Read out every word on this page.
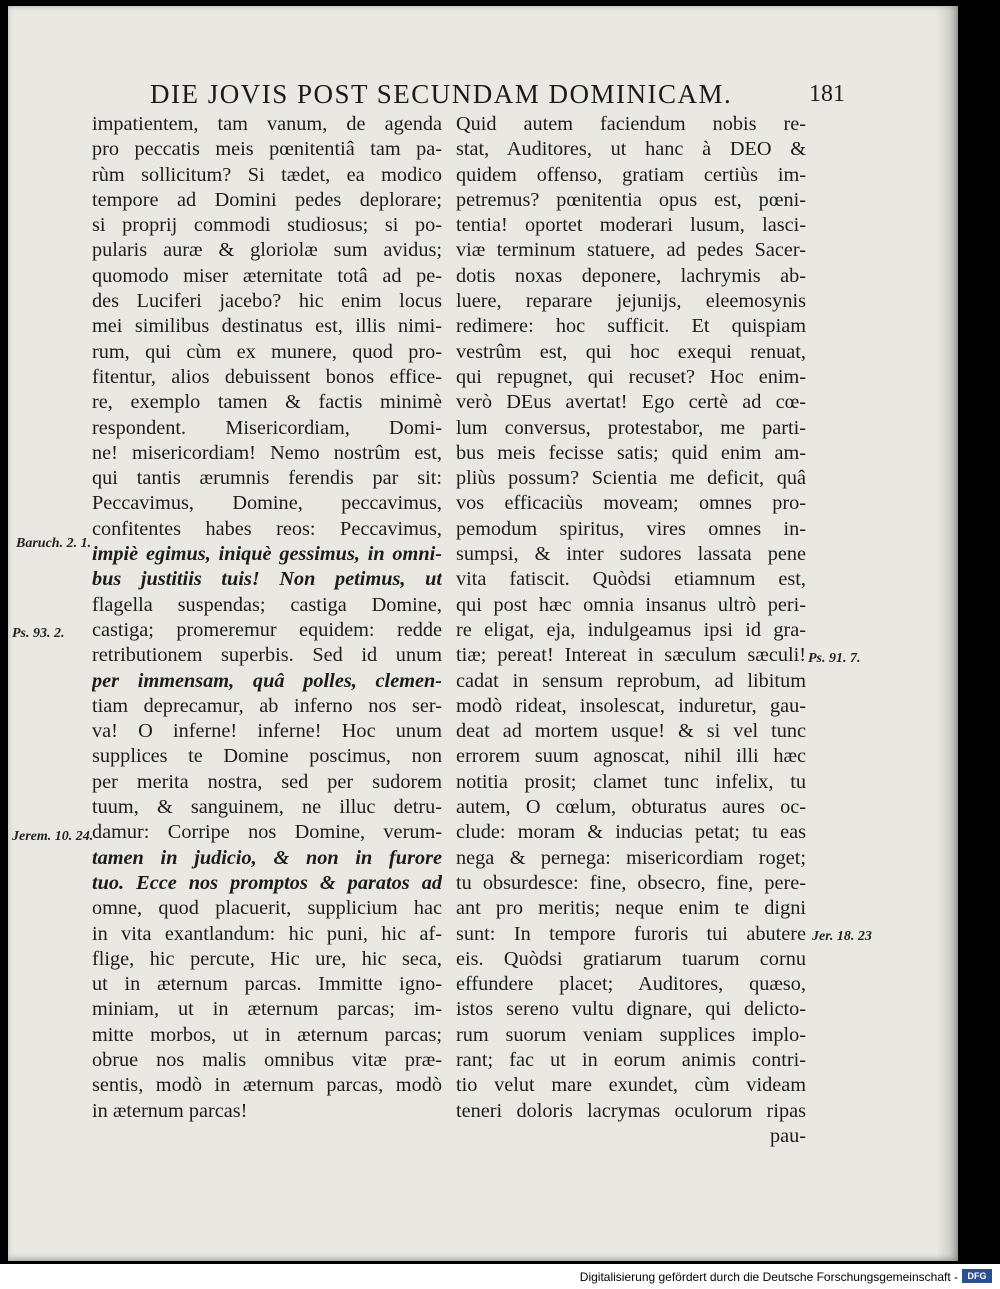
DIE JOVIS POST SECUNDAM DOMINICAM.	181
impatientem, tam vanum, de agenda
pro peccatis meis pœnitentiâ tam pa-
rùm sollicitum? Si tædet, ea modico
tempore ad Domini pedes deplorare;
si proprij commodi studiosus; si po-
pularis auræ & gloriolæ sum avidus;
quomodo miser æternitate totâ ad pe-
des Luciferi jacebo? hic enim locus
mei similibus destinatus est, illis nimi-
rum, qui cùm ex munere, quod pro-
fitentur, alios debuissent bonos effice-
re, exemplo tamen & factis minimè
respondent. Misericordiam, Domi-
ne! misericordiam! Nemo nostrûm est,
qui tantis ærumnis ferendis par sit:
Peccavimus, Domine, peccavimus,
confitentes habes reos: Peccavimus,
impiè egimus, iniquè gessimus, in omni-
bus justitiis tuis! Non petimus, ut
flagella suspendas; castiga Domine,
castiga; promeremur equidem: redde
retributionem superbis. Sed id unum
per immensam, quâ polles, clemen-
tiam deprecamur, ab inferno nos ser-
va! O inferne! inferne! Hoc unum
supplices te Domine poscimus, non
per merita nostra, sed per sudorem
tuum, & sanguinem, ne illuc detru-
damur: Corripe nos Domine, verum-
tamen in judicio, & non in furore
tuo. Ecce nos promptos & paratos ad
omne, quod placuerit, supplicium hac
in vita exantlandum: hic puni, hic af-
flige, hic percute, Hic ure, hic seca,
ut in æternum parcas. Immitte igno-
miniam, ut in æternum parcas; im-
mitte morbos, ut in æternum parcas;
obrue nos malis omnibus vitæ præ-
sentis, modò in æternum parcas, modò
in æternum parcas!
Quid autem faciendum nobis re-
stat, Auditores, ut hanc à DEO &
quidem offenso, gratiam certiùs im-
petremus? pœnitentia opus est, pœni-
tentia! oportet moderari lusum, lasci-
viæ terminum statuere, ad pedes Sacer-
dotis noxas deponere, lachrymis ab-
luere, reparare jejunijs, eleemosynis
redimere: hoc sufficit. Et quispiam
vestrûm est, qui hoc exequi renuat,
qui repugnet, qui recuset? Hoc enim-
verò DEus avertat! Ego certè ad cœ-
lum conversus, protestabor, me parti-
bus meis fecisse satis; quid enim am-
pliùs possum? Scientia me deficit, quâ
vos efficaciùs moveam; omnes pro-
pemodum spiritus, vires omnes in-
sumpsi, & inter sudores lassata pene
vita fatiscit. Quòdsi etiamnum est,
qui post hæc omnia insanus ultrò peri-
re eligat, eja, indulgeamus ipsi id gra-
tiæ; pereat! Intereat in sæculum sæculi!
cadat in sensum reprobum, ad libitum
modò rideat, insolescat, induretur, gau-
deat ad mortem usque! & si vel tunc
errorem suum agnoscat, nihil illi hæc
notitia prosit; clamet tunc infelix, tu
autem, O cœlum, obturatus aures oc-
clude: moram & inducias petat; tu eas
nega & pernega: misericordiam roget;
tu obsurdesce: fine, obsecro, fine, pere-
ant pro meritis; neque enim te digni
sunt: In tempore furoris tui abutere
eis. Quòdsi gratiarum tuarum cornu
effundere placet; Auditores, quæso,
istos sereno vultu dignare, qui delicto-
rum suorum veniam supplices implo-
rant; fac ut in eorum animis contri-
tio velut mare exundet, cùm videam
teneri doloris lacrymas oculorum ripas
pau-
Baruch. 2. 1.
Ps. 93. 2.
Jerem. 10. 24.
Ps. 91. 7.
Jer. 18. 23
Digitalisierung gefördert durch die Deutsche Forschungsgemeinschaft -	DFG
